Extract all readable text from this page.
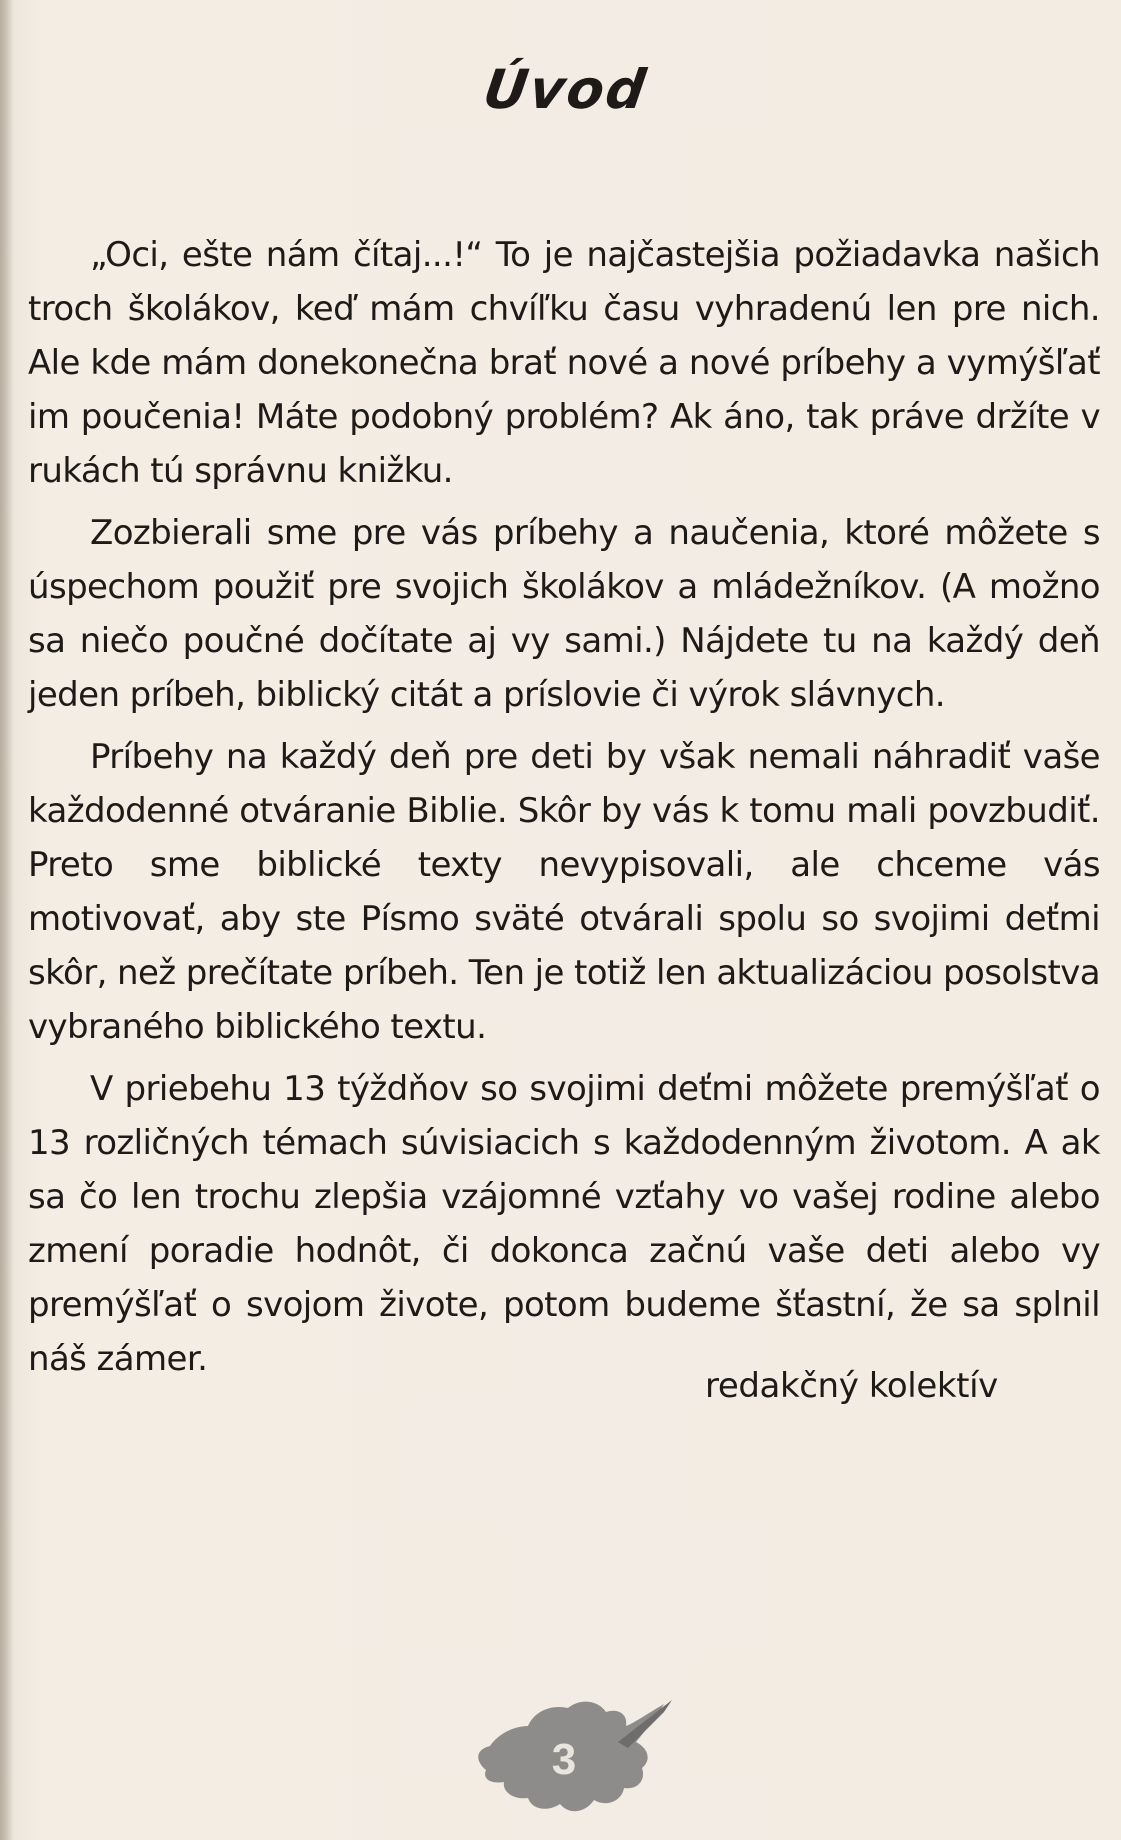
Úvod

„Oci, ešte nám čítaj...!“ To je najčastejšia požiadavka našich troch školákov, keď mám chvíľku času vyhradenú len pre nich. Ale kde mám donekonečna brať nové a nové príbehy a vymýšľať im poučenia! Máte podobný problém? Ak áno, tak práve držíte v rukách tú správnu knižku.

Zozbierali sme pre vás príbehy a naučenia, ktoré môžete s úspechom použiť pre svojich školákov a mládežníkov. (A možno sa niečo poučné dočítate aj vy sami.) Nájdete tu na každý deň jeden príbeh, biblický citát a príslovie či výrok slávnych.

Príbehy na každý deň pre deti by však nemali náhradiť vaše každodenné otváranie Biblie. Skôr by vás k tomu mali povzbudiť. Preto sme biblické texty nevypisovali, ale chceme vás motivovať, aby ste Písmo sväté otvárali spolu so svojimi deťmi skôr, než prečítate príbeh. Ten je totiž len aktualizáciou posolstva vybraného biblického textu.

V priebehu 13 týždňov so svojimi deťmi môžete premýšľať o 13 rozličných témach súvisiacich s každodenným životom. A ak sa čo len trochu zlepšia vzájomné vzťahy vo vašej rodine alebo zmení poradie hodnôt, či dokonca začnú vaše deti alebo vy premýšľať o svojom živote, potom budeme šťastní, že sa splnil náš zámer.

redakčný kolektív
3
